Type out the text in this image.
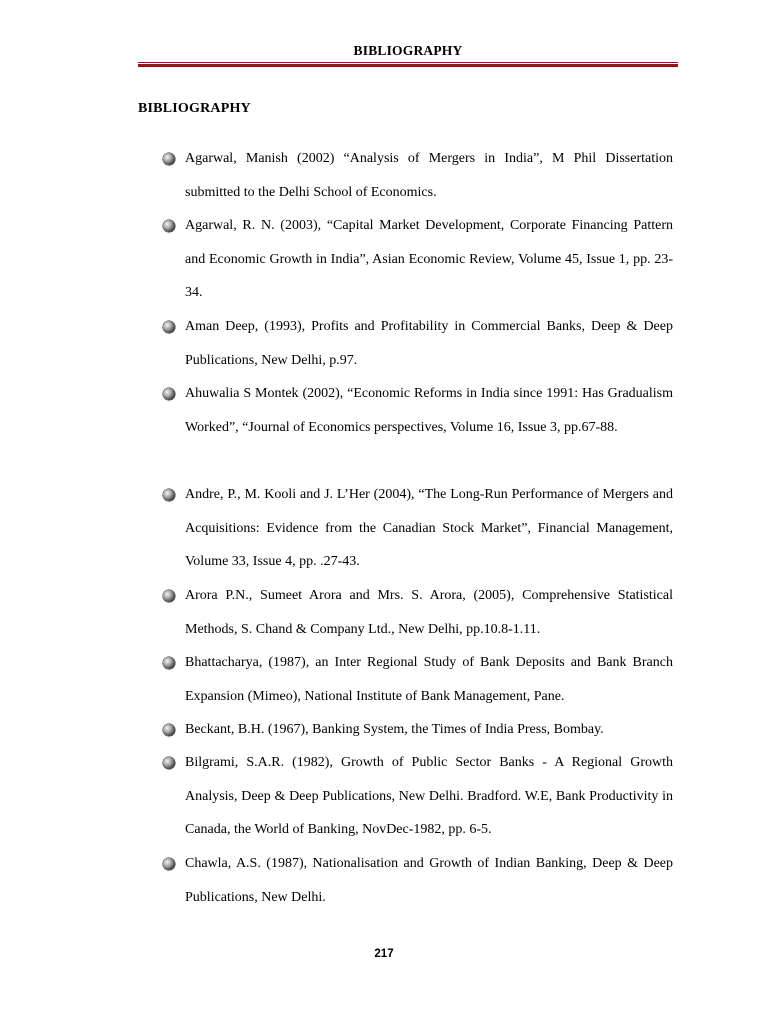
BIBLIOGRAPHY
BIBLIOGRAPHY

Agarwal, Manish (2002) “Analysis of Mergers in India”, M Phil Dissertation submitted to the Delhi School of Economics.

Agarwal, R. N. (2003), “Capital Market Development, Corporate Financing Pattern and Economic Growth in India”, Asian Economic Review, Volume 45, Issue 1, pp. 23- 34.

Aman Deep, (1993), Profits and Profitability in Commercial Banks, Deep & Deep Publications, New Delhi, p.97.

Ahuwalia S Montek (2002), “Economic Reforms in India since 1991: Has Gradualism Worked”, “Journal of Economics perspectives, Volume 16, Issue 3, pp.67-88.

Andre, P., M. Kooli and J. L’Her (2004), “The Long-Run Performance of Mergers and Acquisitions: Evidence from the Canadian Stock Market”, Financial Management, Volume 33, Issue 4, pp. .27-43.

Arora P.N., Sumeet Arora and Mrs. S. Arora, (2005), Comprehensive Statistical Methods, S. Chand & Company Ltd., New Delhi, pp.10.8-1.11.

Bhattacharya, (1987), an Inter Regional Study of Bank Deposits and Bank Branch Expansion (Mimeo), National Institute of Bank Management, Pane.

Beckant, B.H. (1967), Banking System, the Times of India Press, Bombay.

Bilgrami, S.A.R. (1982), Growth of Public Sector Banks - A Regional Growth Analysis, Deep & Deep Publications, New Delhi. Bradford. W.E, Bank Productivity in Canada, the World of Banking, NovDec-1982, pp. 6-5.

Chawla, A.S. (1987), Nationalisation and Growth of Indian Banking, Deep & Deep Publications, New Delhi.

217
